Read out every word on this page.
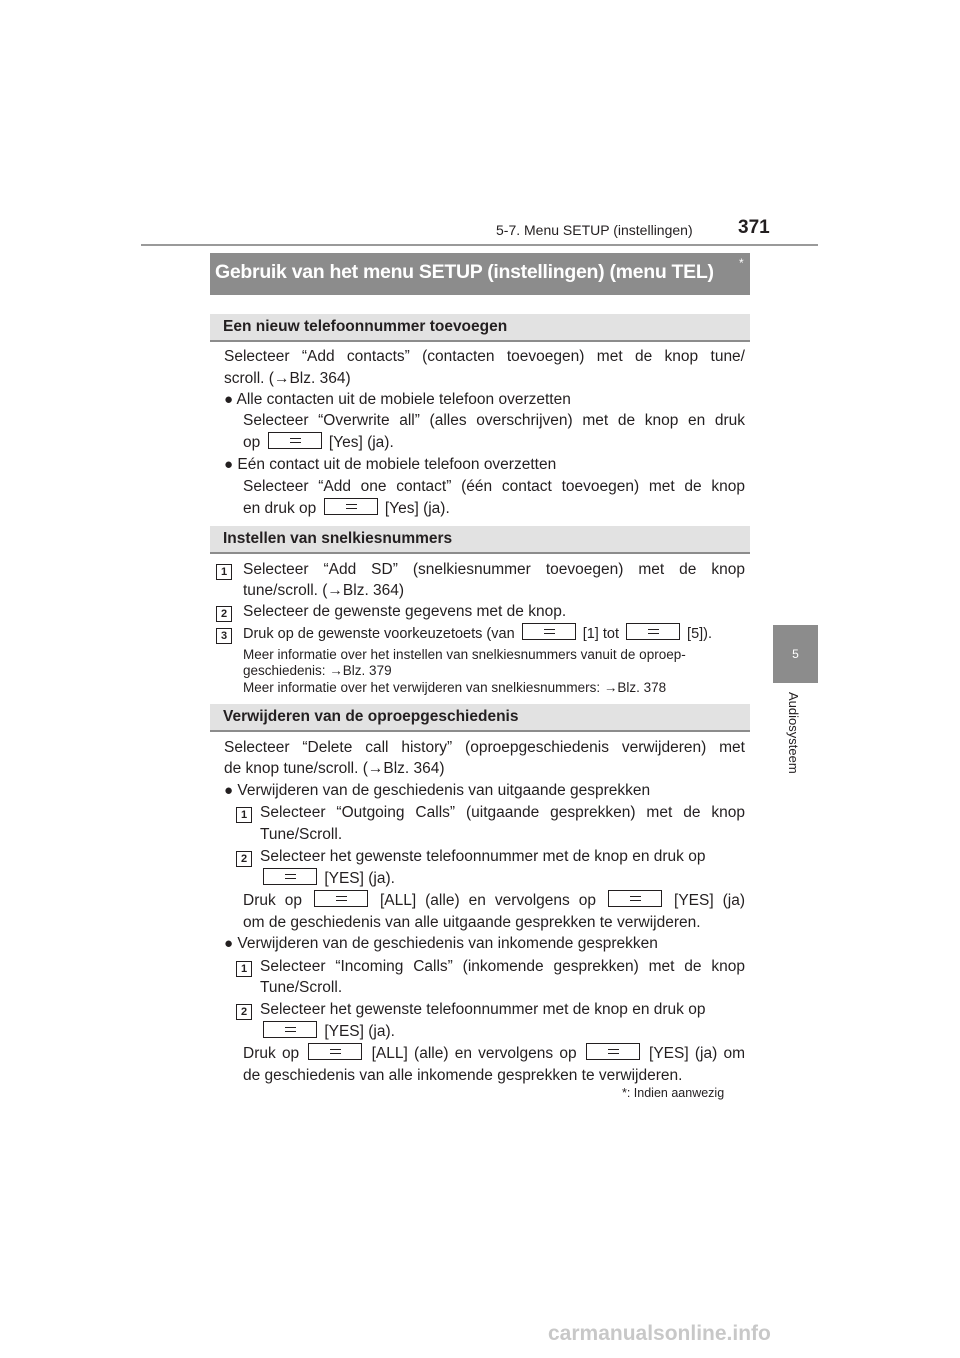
5-7. Menu SETUP (instellingen) 371
5
Audiosysteem
Gebruik van het menu SETUP (instellingen) (menu TEL) *
Een nieuw telefoonnummer toevoegen
Selecteer “Add contacts” (contacten toevoegen) met de knop tune/
scroll. (→Blz. 364)
● Alle contacten uit de mobiele telefoon overzetten
Selecteer “Overwrite all” (alles overschrijven) met de knop en druk
op	[Yes] (ja).
● Eén contact uit de mobiele telefoon overzetten
Selecteer “Add one contact” (één contact toevoegen) met de knop
en druk op	[Yes] (ja).
Instellen van snelkiesnummers
1	Selecteer “Add SD” (snelkiesnummer toevoegen) met de knop
tune/scroll. (→Blz. 364)
2	Selecteer de gewenste gegevens met de knop.
3	Druk op de gewenste voorkeuzetoets (van	[1] tot	[5]).
Meer informatie over het instellen van snelkiesnummers vanuit de oproep-
geschiedenis: →Blz. 379
Meer informatie over het verwijderen van snelkiesnummers: →Blz. 378
Verwijderen van de oproepgeschiedenis
Selecteer “Delete call history” (oproepgeschiedenis verwijderen) met
de knop tune/scroll. (→Blz. 364)
● Verwijderen van de geschiedenis van uitgaande gesprekken
1 Selecteer “Outgoing Calls” (uitgaande gesprekken) met de knop
Tune/Scroll.
2 Selecteer het gewenste telefoonnummer met de knop en druk op
[YES] (ja).
Druk op	[ALL] (alle) en vervolgens op	[YES] (ja)
om de geschiedenis van alle uitgaande gesprekken te verwijderen.
● Verwijderen van de geschiedenis van inkomende gesprekken
1 Selecteer “Incoming Calls” (inkomende gesprekken) met de knop
Tune/Scroll.
2 Selecteer het gewenste telefoonnummer met de knop en druk op
[YES] (ja).
Druk op	[ALL] (alle) en vervolgens op	[YES] (ja) om
de geschiedenis van alle inkomende gesprekken te verwijderen.
*: Indien aanwezig
carmanualsonline.info
